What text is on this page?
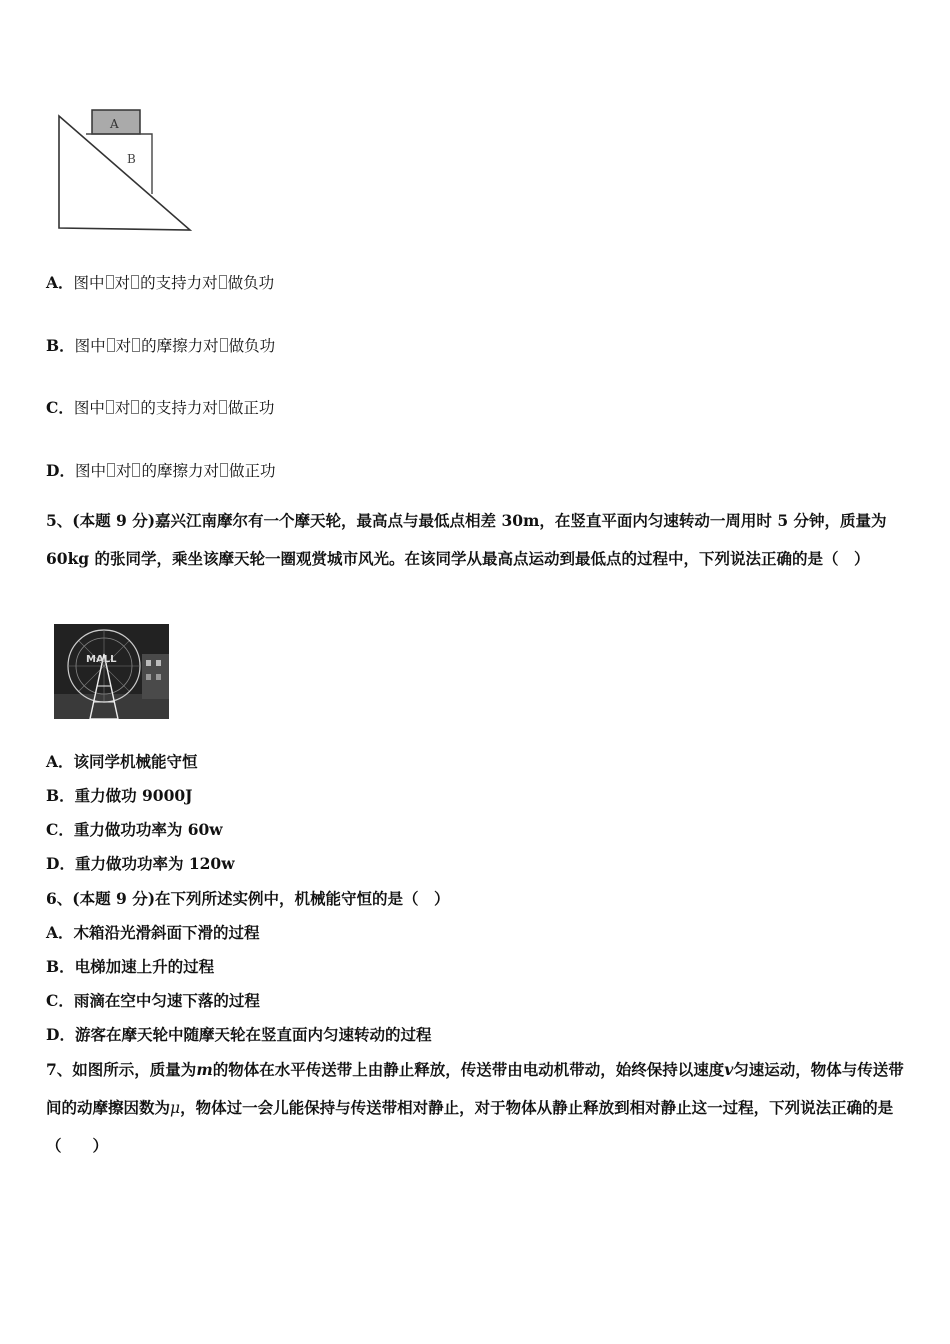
A
B
A．图中 对 的支持力对 做负功
B．图中 对 的摩擦力对 做负功
C．图中 对 的支持力对 做正功
D．图中 对 的摩擦力对 做正功
5、(本题 9 分)嘉兴江南摩尔有一个摩天轮，最高点与最低点相差 30m，在竖直平面内匀速转动一周用时 5 分钟，质量为 60kg 的张同学，乘坐该摩天轮一圈观赏城市风光。在该同学从最高点运动到最低点的过程中，下列说法正确的是（　）
MALL
A．该同学机械能守恒
B．重力做功 9000J
C．重力做功功率为 60w
D．重力做功功率为 120w
6、(本题 9 分)在下列所述实例中，机械能守恒的是（　）
A．木箱沿光滑斜面下滑的过程
B．电梯加速上升的过程
C．雨滴在空中匀速下落的过程
D．游客在摩天轮中随摩天轮在竖直面内匀速转动的过程
7、如图所示，质量为m的物体在水平传送带上由静止释放，传送带由电动机带动，始终保持以速度v匀速运动，物体与传送带间的动摩擦因数为μ，物体过一会儿能保持与传送带相对静止，对于物体从静止释放到相对静止这一过程，下列说法正确的是（　　）
